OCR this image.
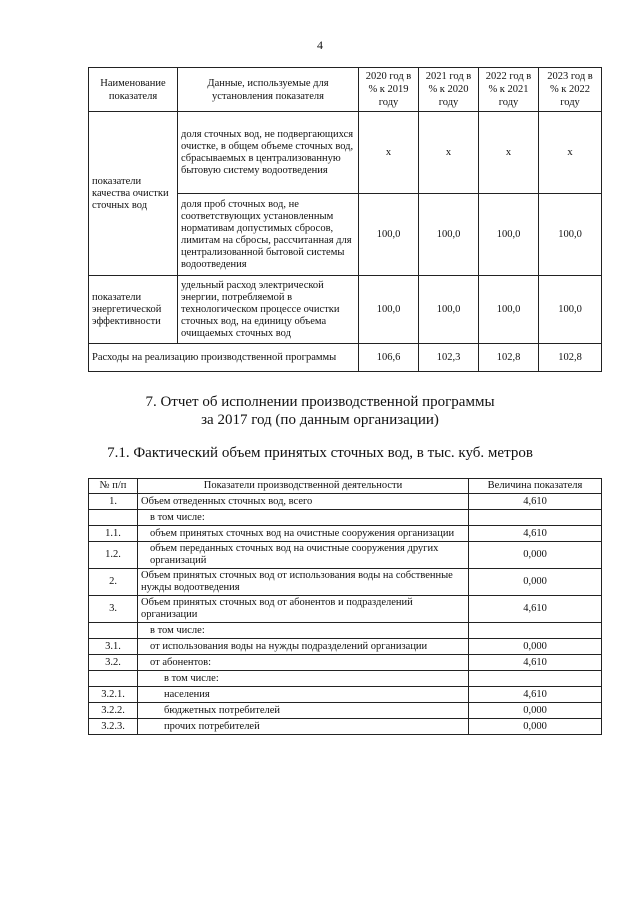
4
Наименование показателя	Данные, используемые для установления показателя	2020 год в % к 2019 году	2021 год в % к 2020 году	2022 год в % к 2021 году	2023 год в % к 2022 году
показатели качества очистки сточных вод	доля сточных вод, не подвергающихся очистке, в общем объеме сточных вод, сбрасываемых в централизованную бытовую систему водоотведения	х	х	х	х
	доля проб сточных вод, не соответствующих установленным нормативам допустимых сбросов, лимитам на сбросы, рассчитанная для централизованной бытовой системы водоотведения	100,0	100,0	100,0	100,0
показатели энергетической эффективности	удельный расход электрической энергии, потребляемой в технологическом процессе очистки сточных вод, на единицу объема очищаемых сточных вод	100,0	100,0	100,0	100,0
Расходы на реализацию производственной программы		106,6	102,3	102,8	102,8
7. Отчет об исполнении производственной программы
за 2017 год (по данным организации)
7.1. Фактический объем принятых сточных вод, в тыс. куб. метров
№ п/п	Показатели производственной деятельности	Величина показателя
1.	Объем отведенных сточных вод, всего	4,610
	в том числе:	
1.1.	объем принятых сточных вод на очистные сооружения организации	4,610
1.2.	объем переданных сточных вод на очистные сооружения других организаций	0,000
2.	Объем принятых сточных вод от использования воды на собственные нужды водоотведения	0,000
3.	Объем принятых сточных вод от абонентов и подразделений организации	4,610
	в том числе:	
3.1.	от использования воды на нужды подразделений организации	0,000
3.2.	от абонентов:	4,610
	в том числе:	
3.2.1.	населения	4,610
3.2.2.	бюджетных потребителей	0,000
3.2.3.	прочих потребителей	0,000
